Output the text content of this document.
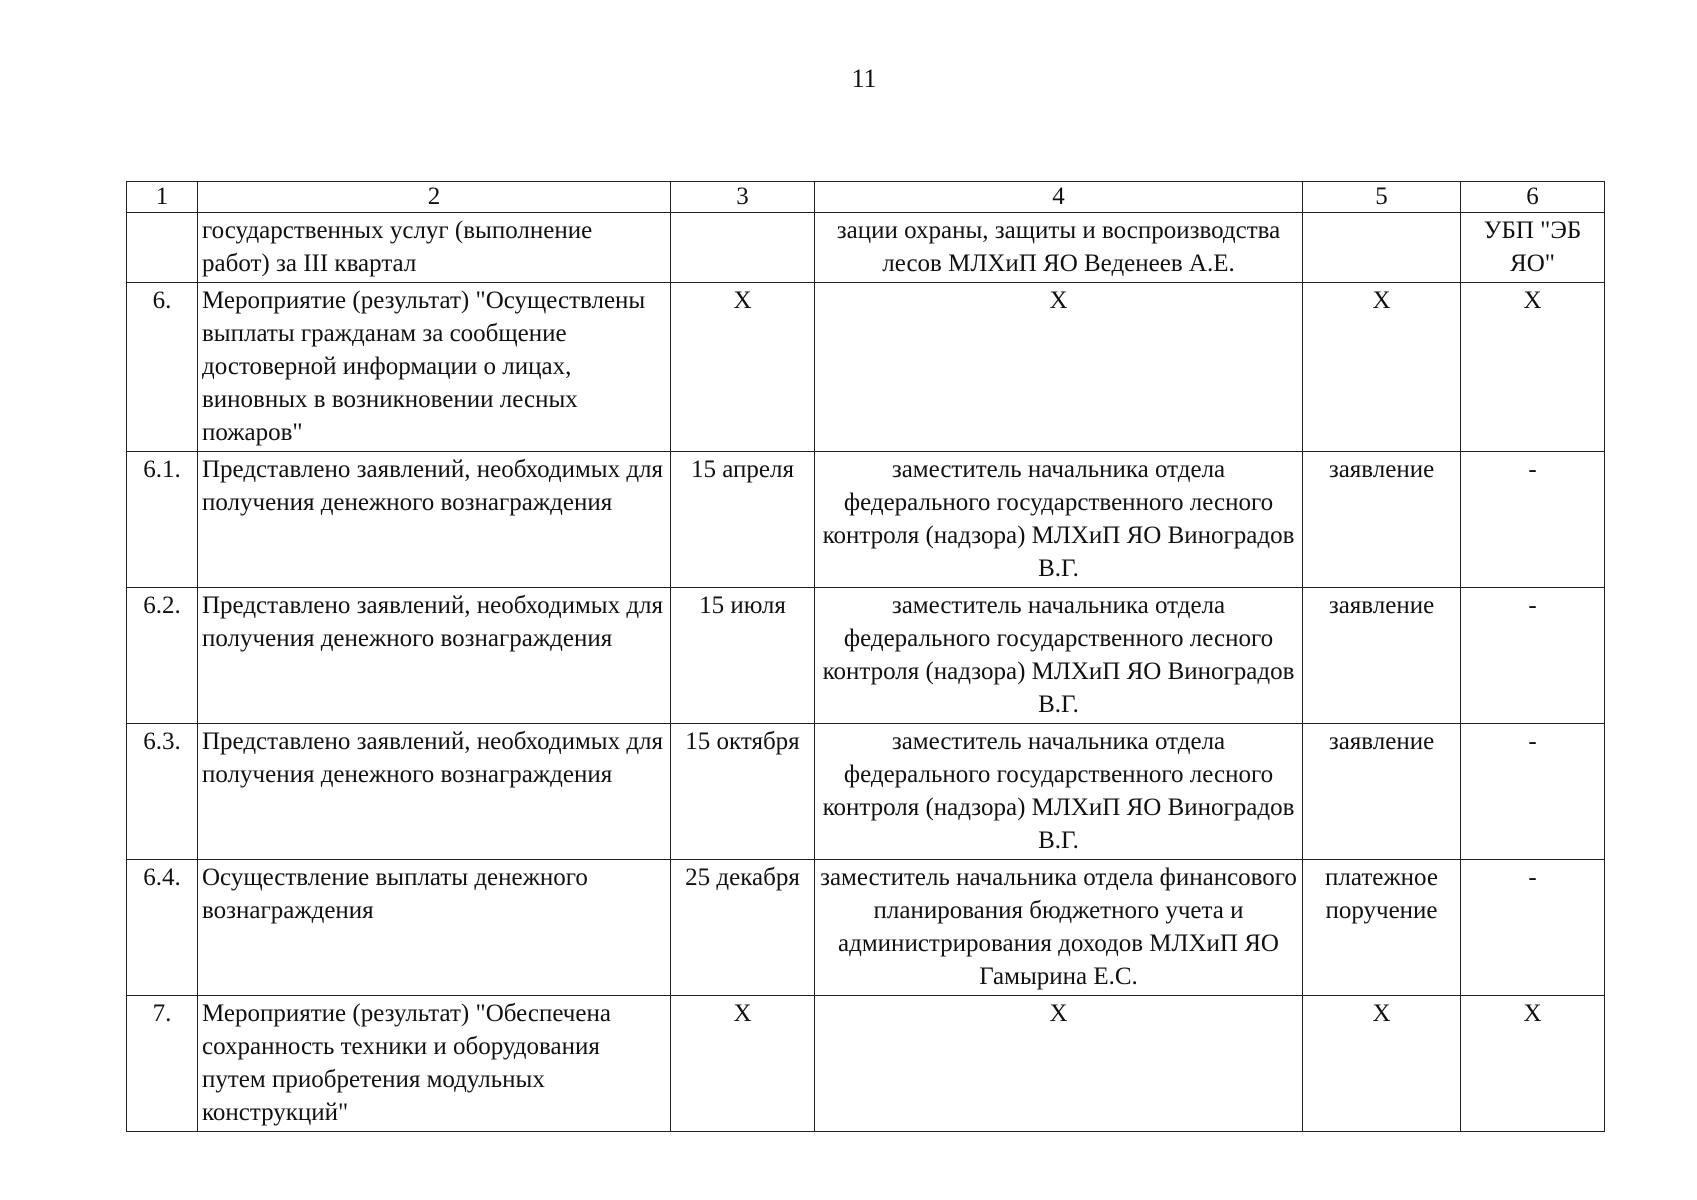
11
1	2	3	4	5	6
	государственных услуг (выполнение работ) за III квартал		зации охраны, защиты и воспроизводства лесов МЛХиП ЯО Веденеев А.Е.		УБП "ЭБ ЯО"
6.	Мероприятие (результат) "Осуществлены выплаты гражданам за сообщение достоверной информации о лицах, виновных в возникновении лесных пожаров"	Х	Х	Х	Х
6.1.	Представлено заявлений, необходимых для получения денежного вознаграждения	15 апреля	заместитель начальника отдела федерального государственного лесного контроля (надзора) МЛХиП ЯО Виноградов В.Г.	заявление	-
6.2.	Представлено заявлений, необходимых для получения денежного вознаграждения	15 июля	заместитель начальника отдела федерального государственного лесного контроля (надзора) МЛХиП ЯО Виноградов В.Г.	заявление	-
6.3.	Представлено заявлений, необходимых для получения денежного вознаграждения	15 октября	заместитель начальника отдела федерального государственного лесного контроля (надзора) МЛХиП ЯО Виноградов В.Г.	заявление	-
6.4.	Осуществление выплаты денежного вознаграждения	25 декабря	заместитель начальника отдела финансового планирования бюджетного учета и администрирования доходов МЛХиП ЯО Гамырина Е.С.	платежное поручение	-
7.	Мероприятие (результат) "Обеспечена сохранность техники и оборудования путем приобретения модульных конструкций"	Х	Х	Х	Х
